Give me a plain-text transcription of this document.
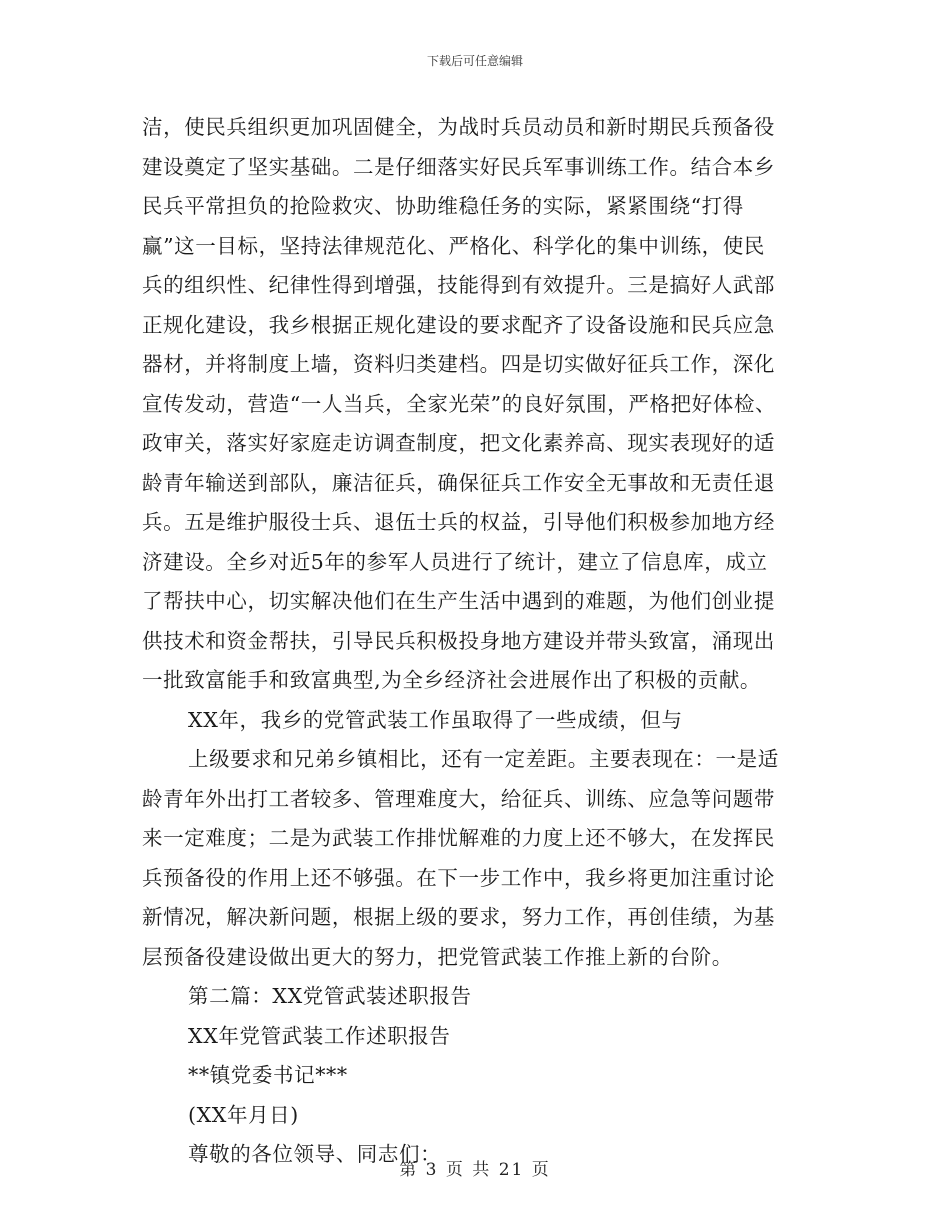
下载后可任意编辑
洁，使民兵组织更加巩固健全，为战时兵员动员和新时期民兵预备役
建设奠定了坚实基础。二是仔细落实好民兵军事训练工作。结合本乡
民兵平常担负的抢险救灾、协助维稳任务的实际，紧紧围绕“打得
赢”这一目标，坚持法律规范化、严格化、科学化的集中训练，使民
兵的组织性、纪律性得到增强，技能得到有效提升。三是搞好人武部
正规化建设，我乡根据正规化建设的要求配齐了设备设施和民兵应急
器材，并将制度上墙，资料归类建档。四是切实做好征兵工作，深化
宣传发动，营造“一人当兵，全家光荣”的良好氛围，严格把好体检、
政审关，落实好家庭走访调查制度，把文化素养高、现实表现好的适
龄青年输送到部队，廉洁征兵，确保征兵工作安全无事故和无责任退
兵。五是维护服役士兵、退伍士兵的权益，引导他们积极参加地方经
济建设。全乡对近5年的参军人员进行了统计，建立了信息库，成立
了帮扶中心，切实解决他们在生产生活中遇到的难题，为他们创业提
供技术和资金帮扶，引导民兵积极投身地方建设并带头致富，涌现出
一批致富能手和致富典型,为全乡经济社会进展作出了积极的贡献。
XX年，我乡的党管武装工作虽取得了一些成绩，但与
上级要求和兄弟乡镇相比，还有一定差距。主要表现在：一是适
龄青年外出打工者较多、管理难度大，给征兵、训练、应急等问题带
来一定难度；二是为武装工作排忧解难的力度上还不够大，在发挥民
兵预备役的作用上还不够强。在下一步工作中，我乡将更加注重讨论
新情况，解决新问题，根据上级的要求，努力工作，再创佳绩，为基
层预备役建设做出更大的努力，把党管武装工作推上新的台阶。
第二篇：XX党管武装述职报告
XX年党管武装工作述职报告
**镇党委书记***
(XX年月日)
尊敬的各位领导、同志们：
第 3 页 共 21 页
